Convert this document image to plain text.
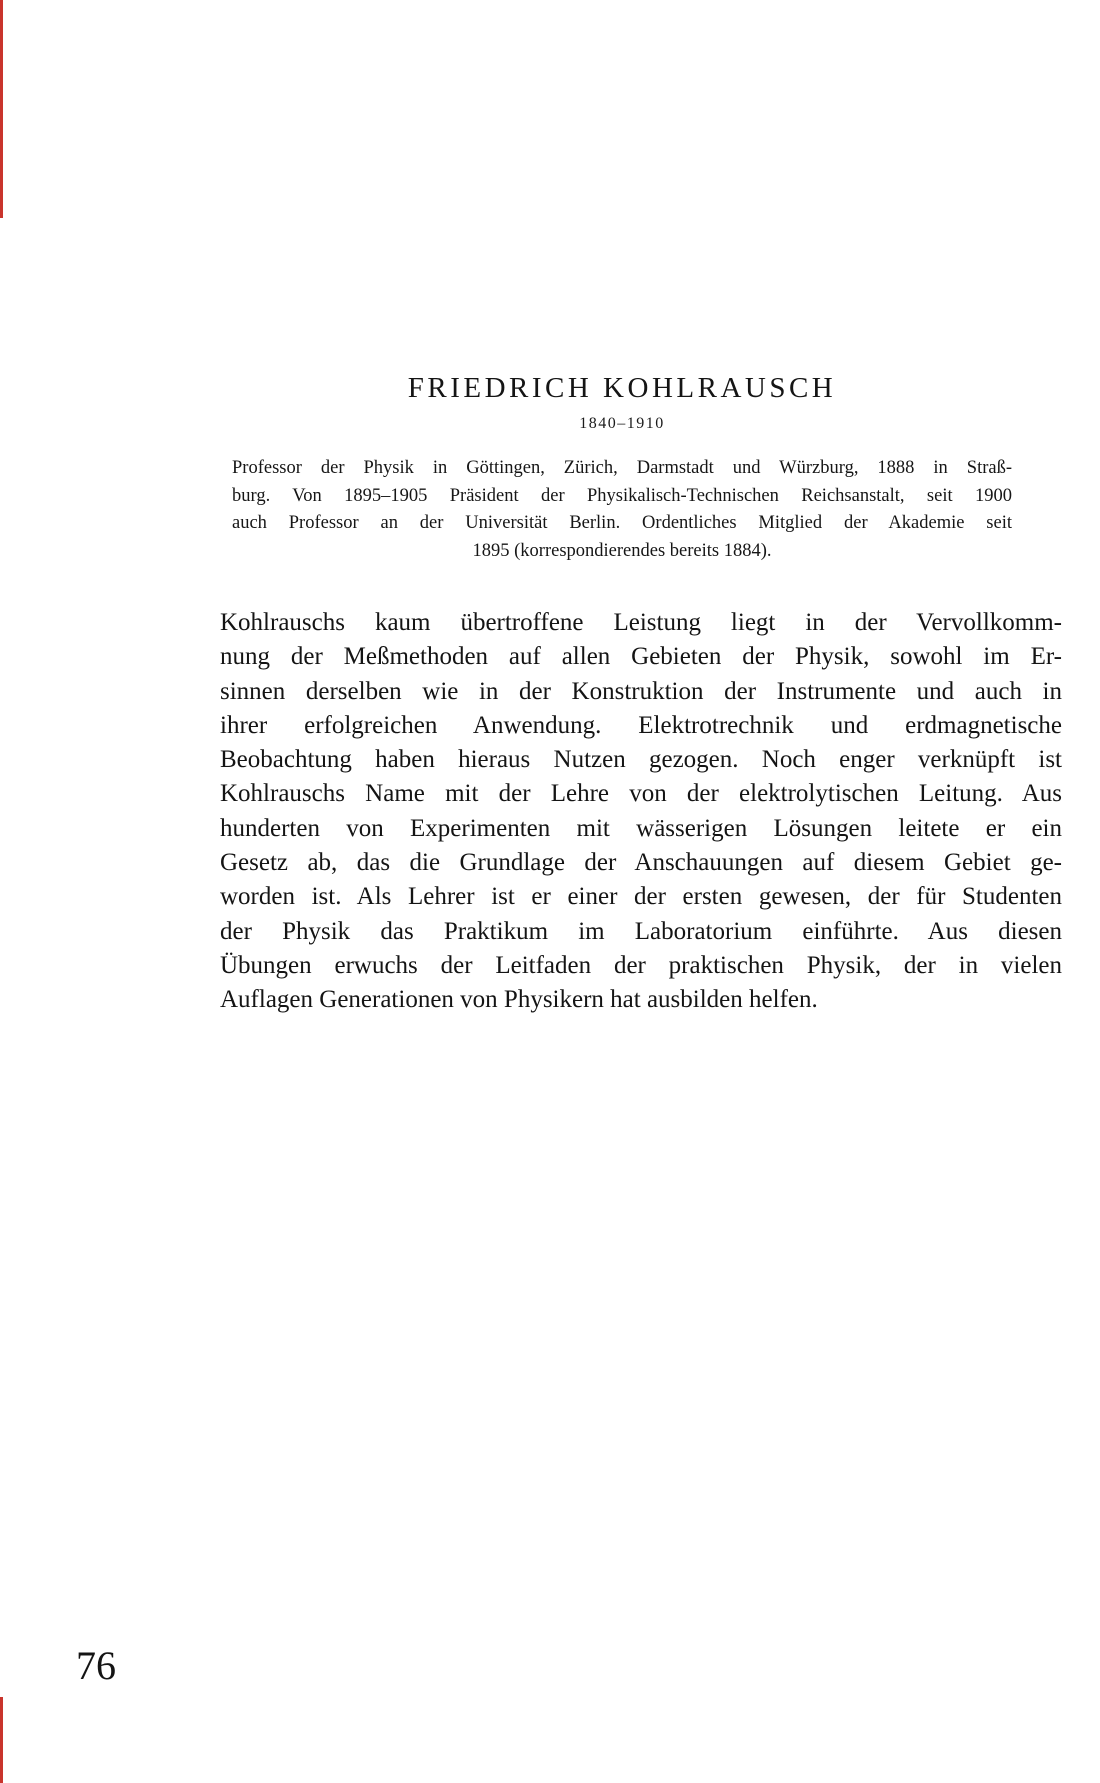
FRIEDRICH KOHLRAUSCH
1840–1910
Professor der Physik in Göttingen, Zürich, Darmstadt und Würzburg, 1888 in Straß-
burg. Von 1895–1905 Präsident der Physikalisch-Technischen Reichsanstalt, seit 1900
auch Professor an der Universität Berlin. Ordentliches Mitglied der Akademie seit
1895 (korrespondierendes bereits 1884).
Kohlrauschs kaum übertroffene Leistung liegt in der Vervollkomm-
nung der Meßmethoden auf allen Gebieten der Physik, sowohl im Er-
sinnen derselben wie in der Konstruktion der Instrumente und auch in
ihrer erfolgreichen Anwendung. Elektrotrechnik und erdmagnetische
Beobachtung haben hieraus Nutzen gezogen. Noch enger verknüpft ist
Kohlrauschs Name mit der Lehre von der elektrolytischen Leitung. Aus
hunderten von Experimenten mit wässerigen Lösungen leitete er ein
Gesetz ab, das die Grundlage der Anschauungen auf diesem Gebiet ge-
worden ist. Als Lehrer ist er einer der ersten gewesen, der für Studenten
der Physik das Praktikum im Laboratorium einführte. Aus diesen
Übungen erwuchs der Leitfaden der praktischen Physik, der in vielen
Auflagen Generationen von Physikern hat ausbilden helfen.
76
